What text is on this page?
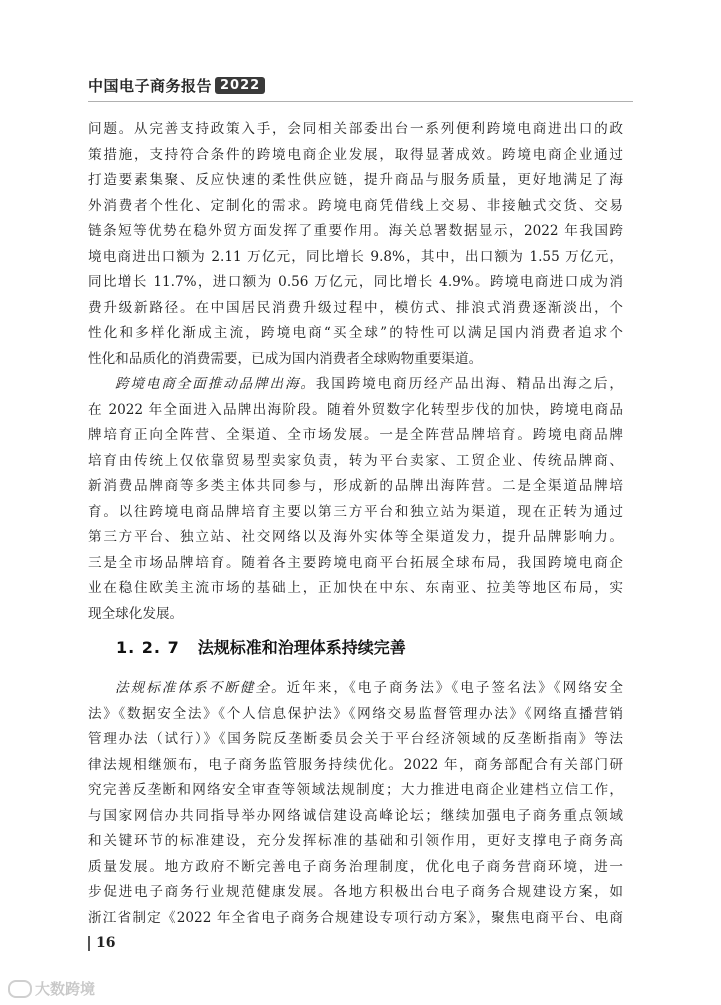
中国电子商务报告 2022
问题。从完善支持政策入手，会同相关部委出台一系列便利跨境电商进出口的政
策措施，支持符合条件的跨境电商企业发展，取得显著成效。跨境电商企业通过
打造要素集聚、反应快速的柔性供应链，提升商品与服务质量，更好地满足了海
外消费者个性化、定制化的需求。跨境电商凭借线上交易、非接触式交货、交易
链条短等优势在稳外贸方面发挥了重要作用。海关总署数据显示，2022 年我国跨
境电商进出口额为 2.11 万亿元，同比增长 9.8%，其中，出口额为 1.55 万亿元，
同比增长 11.7%，进口额为 0.56 万亿元，同比增长 4.9%。跨境电商进口成为消
费升级新路径。在中国居民消费升级过程中，模仿式、排浪式消费逐渐淡出，个
性化和多样化渐成主流，跨境电商“买全球”的特性可以满足国内消费者追求个
性化和品质化的消费需要，已成为国内消费者全球购物重要渠道。
跨境电商全面推动品牌出海。我国跨境电商历经产品出海、精品出海之后，
在 2022 年全面进入品牌出海阶段。随着外贸数字化转型步伐的加快，跨境电商品
牌培育正向全阵营、全渠道、全市场发展。一是全阵营品牌培育。跨境电商品牌
培育由传统上仅依靠贸易型卖家负责，转为平台卖家、工贸企业、传统品牌商、
新消费品牌商等多类主体共同参与，形成新的品牌出海阵营。二是全渠道品牌培
育。以往跨境电商品牌培育主要以第三方平台和独立站为渠道，现在正转为通过
第三方平台、独立站、社交网络以及海外实体等全渠道发力，提升品牌影响力。
三是全市场品牌培育。随着各主要跨境电商平台拓展全球布局，我国跨境电商企
业在稳住欧美主流市场的基础上，正加快在中东、东南亚、拉美等地区布局，实
现全球化发展。
1. 2. 7 法规标准和治理体系持续完善
法规标准体系不断健全。近年来，《电子商务法》《电子签名法》《网络安全
法》《数据安全法》《个人信息保护法》《网络交易监督管理办法》《网络直播营销
管理办法（试行）》《国务院反垄断委员会关于平台经济领域的反垄断指南》等法
律法规相继颁布，电子商务监管服务持续优化。2022 年，商务部配合有关部门研
究完善反垄断和网络安全审查等领域法规制度；大力推进电商企业建档立信工作，
与国家网信办共同指导举办网络诚信建设高峰论坛；继续加强电子商务重点领域
和关键环节的标准建设，充分发挥标准的基础和引领作用，更好支撑电子商务高
质量发展。地方政府不断完善电子商务治理制度，优化电子商务营商环境，进一
步促进电子商务行业规范健康发展。各地方积极出台电子商务合规建设方案，如
浙江省制定《2022 年全省电子商务合规建设专项行动方案》，聚焦电商平台、电商
16
大数跨境
